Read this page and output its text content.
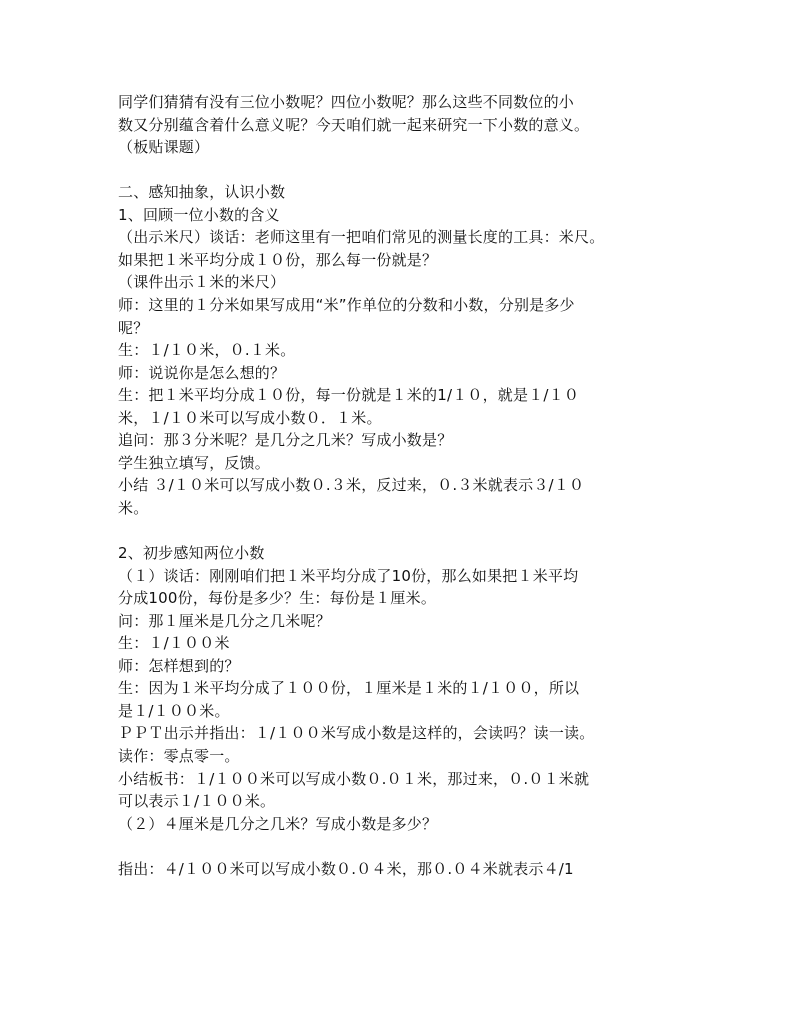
同学们猜猜有没有三位小数呢？四位小数呢？那么这些不同数位的小
数又分别蕴含着什么意义呢？今天咱们就一起来研究一下小数的意义。
（板贴课题）
二、感知抽象，认识小数
1、回顾一位小数的含义
（出示米尺）谈话：老师这里有一把咱们常见的测量长度的工具：米尺。
如果把１米平均分成１０份，那么每一份就是？
（课件出示１米的米尺）
师：这里的１分米如果写成用“米”作单位的分数和小数，分别是多少
呢？
生：１/１０米，０.１米。
师：说说你是怎么想的？
生：把１米平均分成１０份，每一份就是１米的1/１０，就是１/１０
米，１/１０米可以写成小数０．１米。
追问：那３分米呢？是几分之几米？写成小数是？
学生独立填写，反馈。
小结 ３/１０米可以写成小数０.３米，反过来，０.３米就表示３/１０
米。
2、初步感知两位小数
（１）谈话：刚刚咱们把１米平均分成了10份，那么如果把１米平均
分成100份，每份是多少？生：每份是１厘米。
问：那１厘米是几分之几米呢？
生：１/１００米
师：怎样想到的？
生：因为１米平均分成了１００份，１厘米是１米的１/１００，所以
是１/１００米。
ＰＰＴ出示并指出：１/１００米写成小数是这样的，会读吗？读一读。
读作：零点零一。
小结板书：１/１００米可以写成小数０.０１米，那过来，０.０１米就
可以表示１/１００米。
（２）４厘米是几分之几米？写成小数是多少？
指出：４/１００米可以写成小数０.０４米，那０.０４米就表示４/1
